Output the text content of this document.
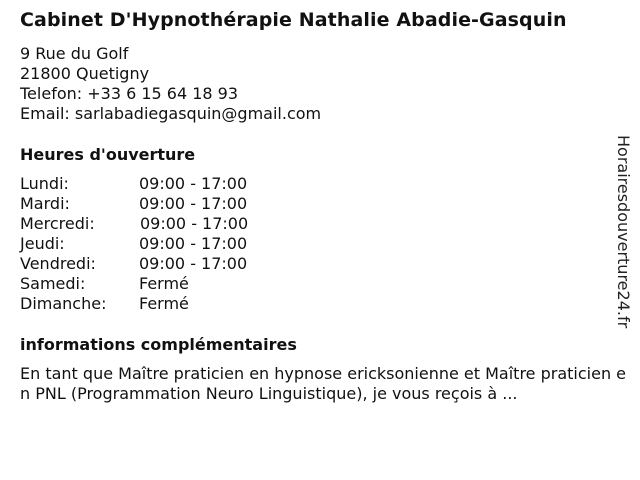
Cabinet D'Hypnothérapie Nathalie Abadie-Gasquin
9 Rue du Golf
21800 Quetigny
Telefon: +33 6 15 64 18 93
Email: sarlabadiegasquin@gmail.com
Heures d'ouverture
Lundi:	09:00 - 17:00
Mardi:	09:00 - 17:00
Mercredi:	09:00 - 17:00
Jeudi:	09:00 - 17:00
Vendredi:	09:00 - 17:00
Samedi:	Fermé
Dimanche: Fermé
informations complémentaires
En tant que Maître praticien en hypnose ericksonienne et Maître praticien en PNL (Programmation Neuro Linguistique), je vous reçois à ...
Horairesdouverture24.fr
